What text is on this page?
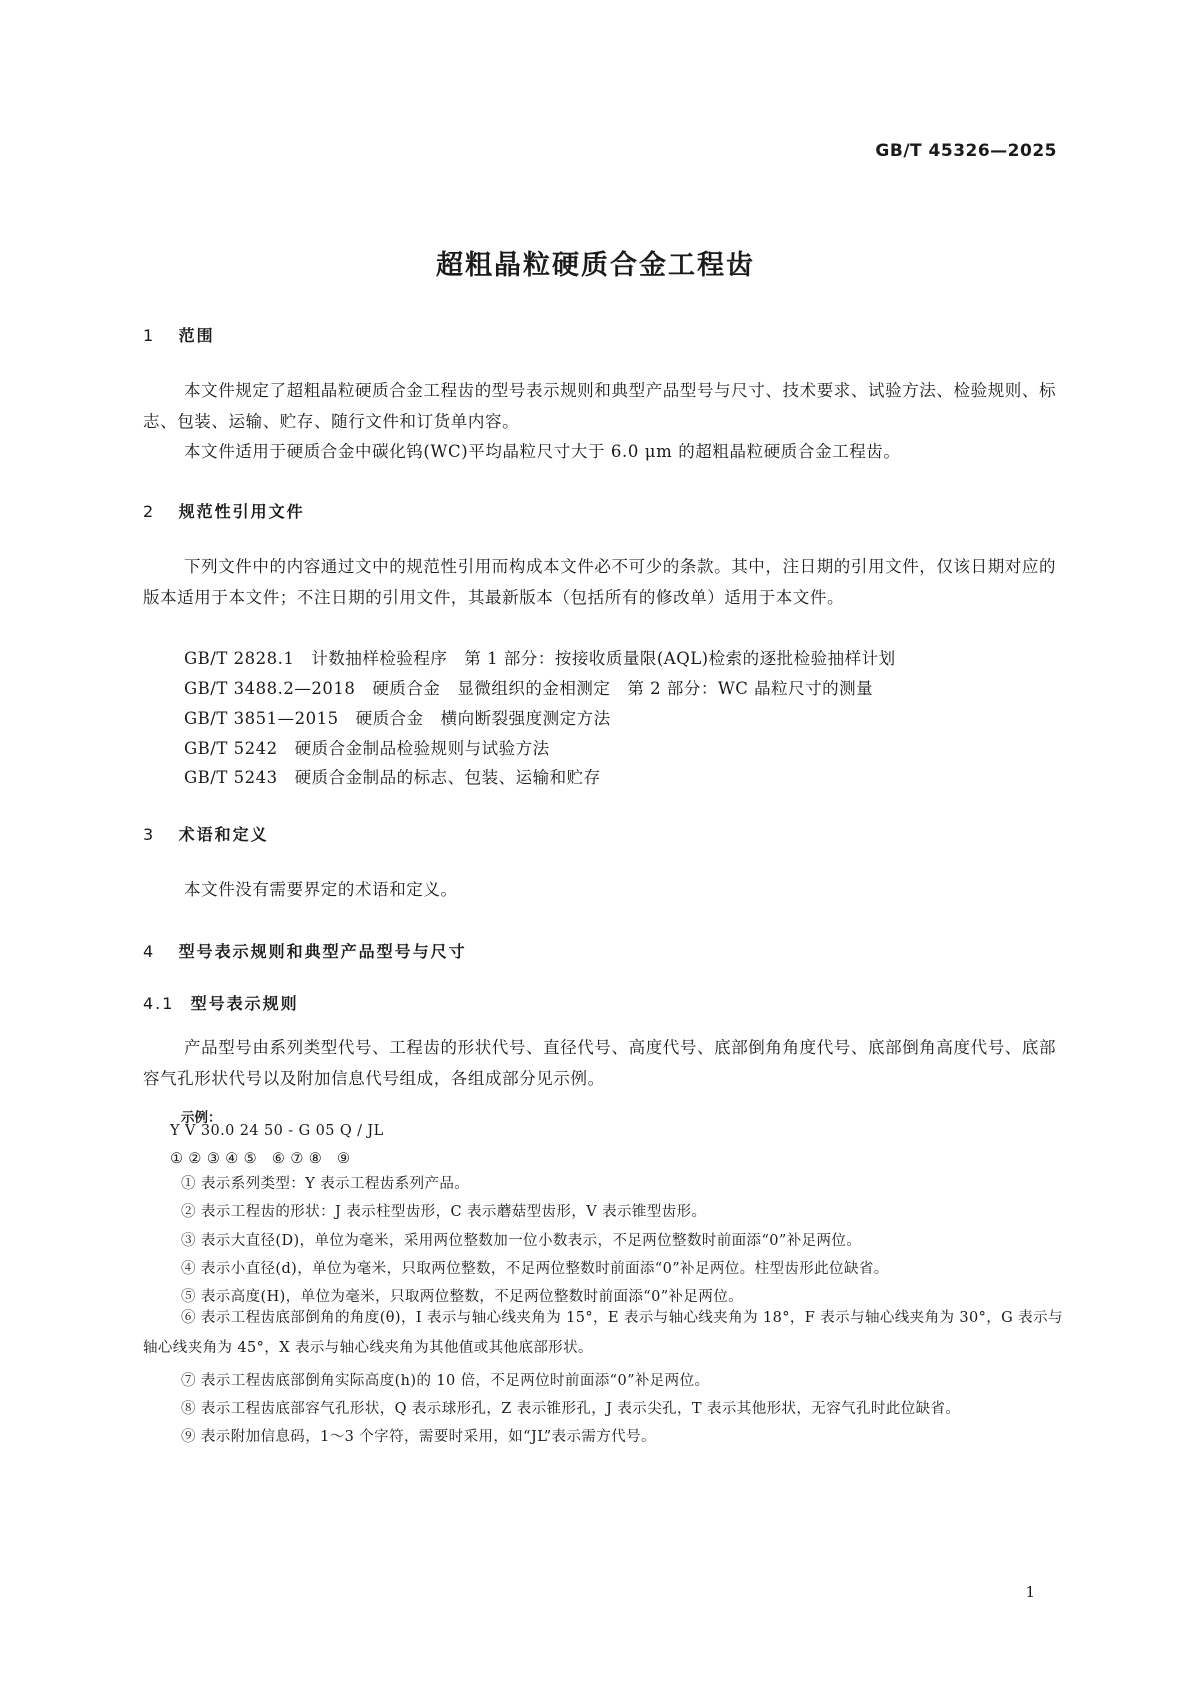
GB/T 45326—2025
超粗晶粒硬质合金工程齿
1 范围
本文件规定了超粗晶粒硬质合金工程齿的型号表示规则和典型产品型号与尺寸、技术要求、试验方法、检验规则、标志、包装、运输、贮存、随行文件和订货单内容。
本文件适用于硬质合金中碳化钨(WC)平均晶粒尺寸大于 6.0 μm 的超粗晶粒硬质合金工程齿。
2 规范性引用文件
下列文件中的内容通过文中的规范性引用而构成本文件必不可少的条款。其中，注日期的引用文件，仅该日期对应的版本适用于本文件；不注日期的引用文件，其最新版本（包括所有的修改单）适用于本文件。
GB/T 2828.1　计数抽样检验程序　第 1 部分：按接收质量限(AQL)检索的逐批检验抽样计划
GB/T 3488.2—2018　硬质合金　显微组织的金相测定　第 2 部分：WC 晶粒尺寸的测量
GB/T 3851—2015　硬质合金　横向断裂强度测定方法
GB/T 5242　硬质合金制品检验规则与试验方法
GB/T 5243　硬质合金制品的标志、包装、运输和贮存
3 术语和定义
本文件没有需要界定的术语和定义。
4 型号表示规则和典型产品型号与尺寸
4.1 型号表示规则
产品型号由系列类型代号、工程齿的形状代号、直径代号、高度代号、底部倒角角度代号、底部倒角高度代号、底部容气孔形状代号以及附加信息代号组成，各组成部分见示例。
示例：
Y V 30.0 24 50 - G 05 Q / JL
① ② ③ ④ ⑤　⑥ ⑦ ⑧　⑨
① 表示系列类型：Y 表示工程齿系列产品。
② 表示工程齿的形状：J 表示柱型齿形，C 表示蘑菇型齿形，V 表示锥型齿形。
③ 表示大直径(D)，单位为毫米，采用两位整数加一位小数表示，不足两位整数时前面添“0”补足两位。
④ 表示小直径(d)，单位为毫米，只取两位整数，不足两位整数时前面添“0”补足两位。柱型齿形此位缺省。
⑤ 表示高度(H)，单位为毫米，只取两位整数，不足两位整数时前面添“0”补足两位。
⑥ 表示工程齿底部倒角的角度(θ)，I 表示与轴心线夹角为 15°，E 表示与轴心线夹角为 18°，F 表示与轴心线夹角为 30°，G 表示与轴心线夹角为 45°，X 表示与轴心线夹角为其他值或其他底部形状。
⑦ 表示工程齿底部倒角实际高度(h)的 10 倍，不足两位时前面添“0”补足两位。
⑧ 表示工程齿底部容气孔形状，Q 表示球形孔，Z 表示锥形孔，J 表示尖孔，T 表示其他形状，无容气孔时此位缺省。
⑨ 表示附加信息码，1～3 个字符，需要时采用，如“JL”表示需方代号。
1
